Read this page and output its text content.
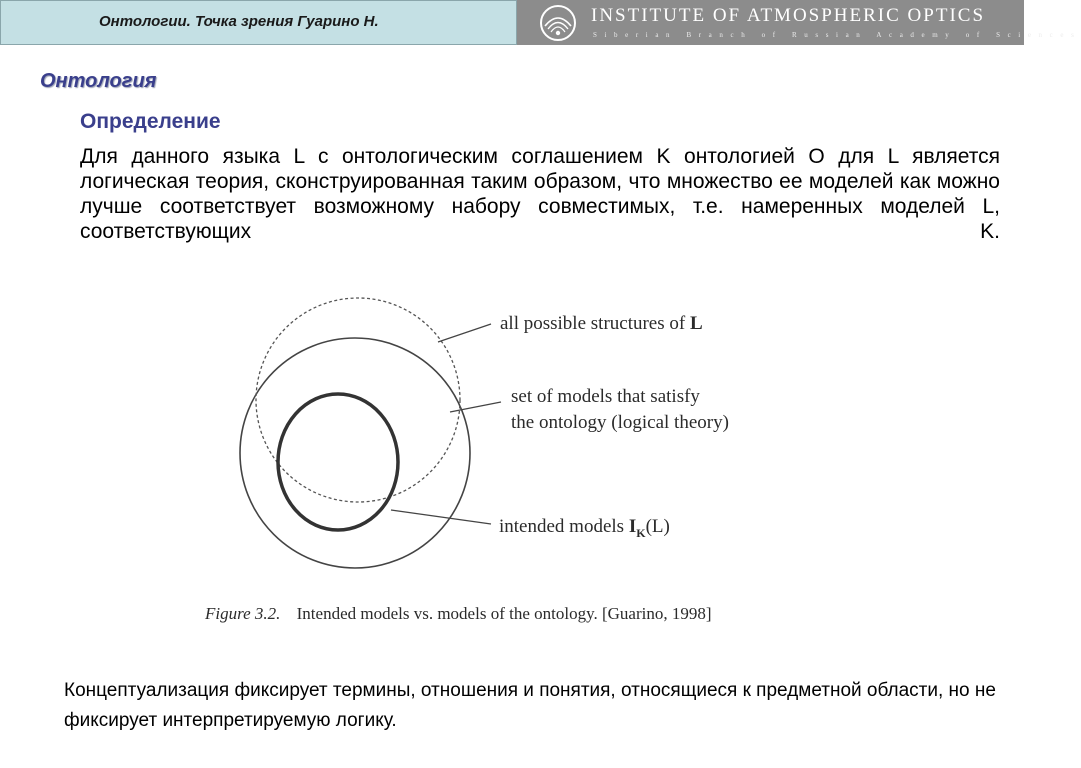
Онтологии. Точка зрения Гуарино Н.	INSTITUTE OF ATMOSPHERIC OPTICS
Siberian Branch of Russian Academy of Sciences
Онтология
Определение
Для данного языка L с онтологическим соглашением K онтологией O для L является логическая теория, сконструированная таким образом, что множество ее моделей как можно лучше соответствует возможному набору совместимых, т.е. намеренных моделей L, соответствующих K.
all possible structures of L
set of models that satisfy
the ontology (logical theory)
intended models $I_K(L)$
Figure 3.2. Intended models vs. models of the ontology. [Guarino, 1998]
Концептуализация фиксирует термины, отношения и понятия, относящиеся к предметной области, но не фиксирует интерпретируемую логику.
